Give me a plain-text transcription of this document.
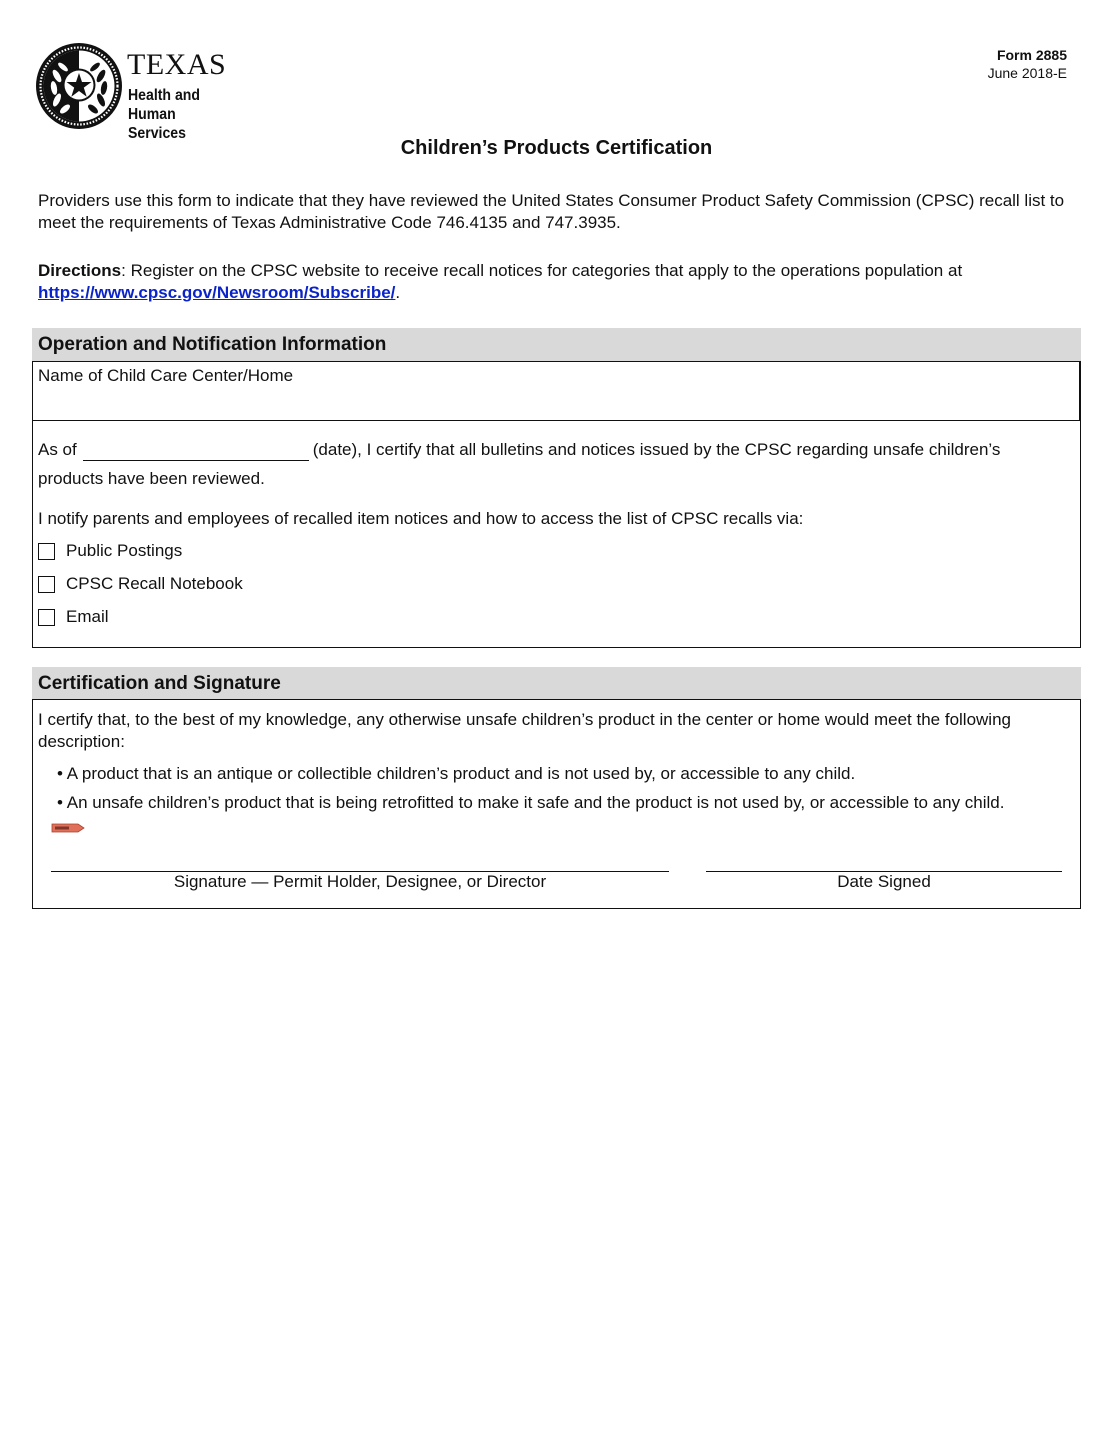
TEXAS
Health and Human
Services
Form 2885
June 2018-E
Children’s Products Certification
Providers use this form to indicate that they have reviewed the United States Consumer Product Safety Commission (CPSC) recall list to meet the requirements of Texas Administrative Code 746.4135 and 747.3935.
Directions: Register on the CPSC website to receive recall notices for categories that apply to the operations population at https://www.cpsc.gov/Newsroom/Subscribe/.
Operation and Notification Information
Name of Child Care Center/Home
As of	(date), I certify that all bulletins and notices issued by the CPSC regarding unsafe children’s products have been reviewed.
I notify parents and employees of recalled item notices and how to access the list of CPSC recalls via:
Public Postings
CPSC Recall Notebook
Email
Certification and Signature
I certify that, to the best of my knowledge, any otherwise unsafe children’s product in the center or home would meet the following description:
• A product that is an antique or collectible children’s product and is not used by, or accessible to any child.
• An unsafe children’s product that is being retrofitted to make it safe and the product is not used by, or accessible to any child.
Signature — Permit Holder, Designee, or Director	Date Signed
